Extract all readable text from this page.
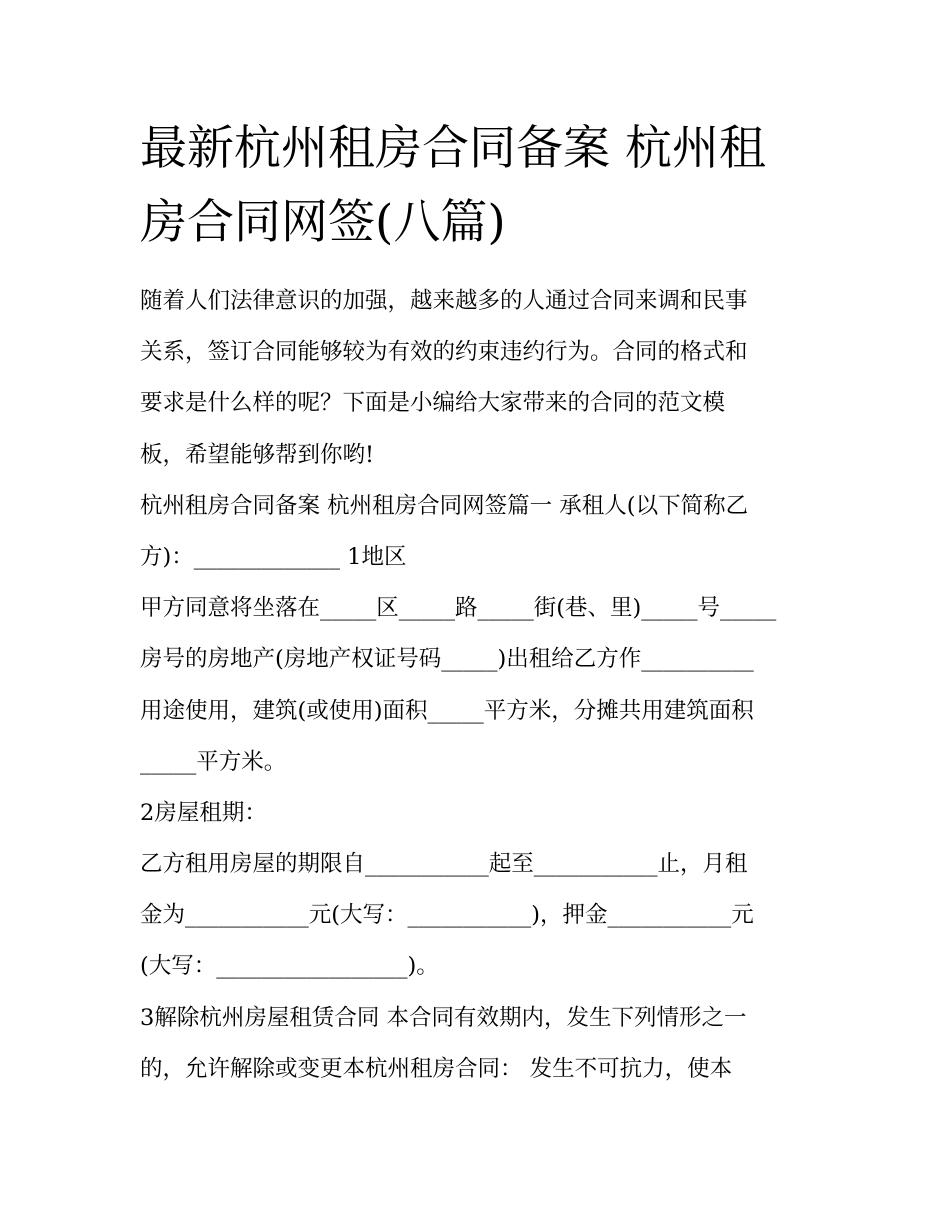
最新杭州租房合同备案 杭州租
房合同网签(八篇)
随着人们法律意识的加强，越来越多的人通过合同来调和民事
关系，签订合同能够较为有效的约束违约行为。合同的格式和
要求是什么样的呢？下面是小编给大家带来的合同的范文模
板，希望能够帮到你哟!
杭州租房合同备案 杭州租房合同网签篇一 承租人(以下简称乙
方)：_____________ 1地区
甲方同意将坐落在_____区_____路_____街(巷、里)_____号_____
房号的房地产(房地产权证号码_____)出租给乙方作__________
用途使用，建筑(或使用)面积_____平方米，分摊共用建筑面积
_____平方米。
2房屋租期：
乙方租用房屋的期限自___________起至___________止，月租
金为___________元(大写：___________)，押金___________元
(大写：_________________)。
3解除杭州房屋租赁合同 本合同有效期内，发生下列情形之一
的，允许解除或变更本杭州租房合同： 发生不可抗力，使本
